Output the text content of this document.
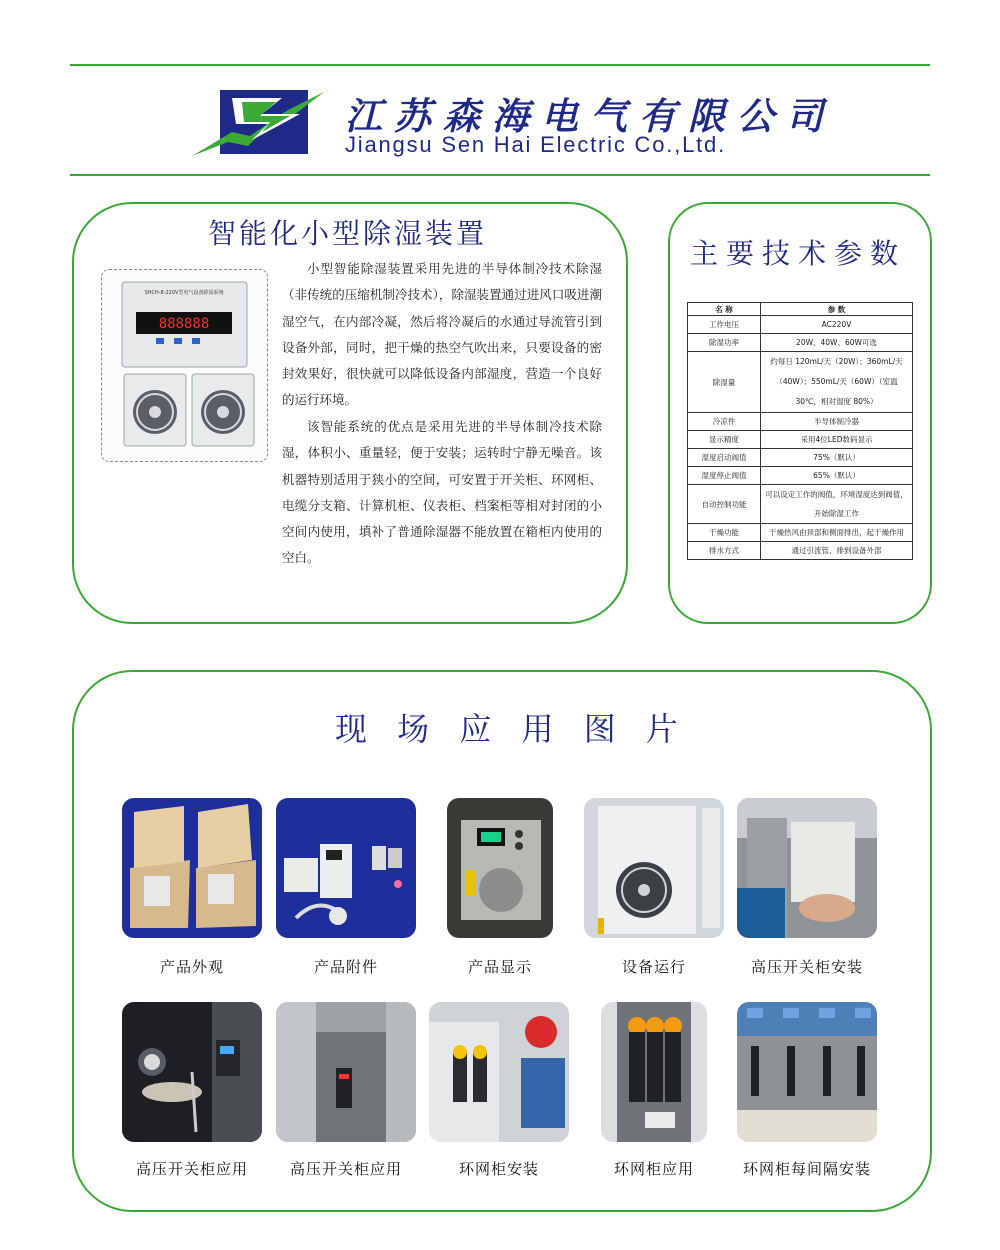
江苏森海电气有限公司
Jiangsu Sen Hai Electric Co.,Ltd.
智能化小型除湿装置
SHCH-8-220V型电气设备除湿系统
888888

小型智能除湿装置采用先进的半导体制冷技术除湿（非传统的压缩机制冷技术），除湿装置通过进风口吸进潮湿空气，在内部冷凝，然后将冷凝后的水通过导流管引到设备外部，同时，把干燥的热空气吹出来，只要设备的密封效果好，很快就可以降低设备内部湿度，营造一个良好的运行环境。

该智能系统的优点是采用先进的半导体制冷技术除湿，体积小、重量轻，便于安装；运转时宁静无噪音。该机器特别适用于狭小的空间，可安置于开关柜、环网柜、电缆分支箱、计算机柜、仪表柜、档案柜等相对封闭的小空间内使用，填补了普通除湿器不能放置在箱柜内使用的空白。

主要技术参数
名 称	参 数
工作电压	AC220V
除湿功率	20W、40W、60W可选
除湿量	约每日 120mL/天（20W）；360mL/天（40W）；550mL/天（60W）（室温 30℃，相对湿度 80%）
冷凉件	半导体制冷器
显示精度	采用4位LED数码显示
湿度启动阀值	75%（默认）
湿度停止阀值	65%（默认）
自动控制功能	可以设定工作的阀值，环境湿度达到阀值，开始除湿工作
干燥功能	干燥热风由顶部和侧面排出，起干燥作用
排水方式	通过引流管，排到设备外部
现 场 应 用 图 片
产品外观	产品附件	产品显示	设备运行	高压开关柜安装
高压开关柜应用	高压开关柜应用	环网柜安装	环网柜应用	环网柜每间隔安装
